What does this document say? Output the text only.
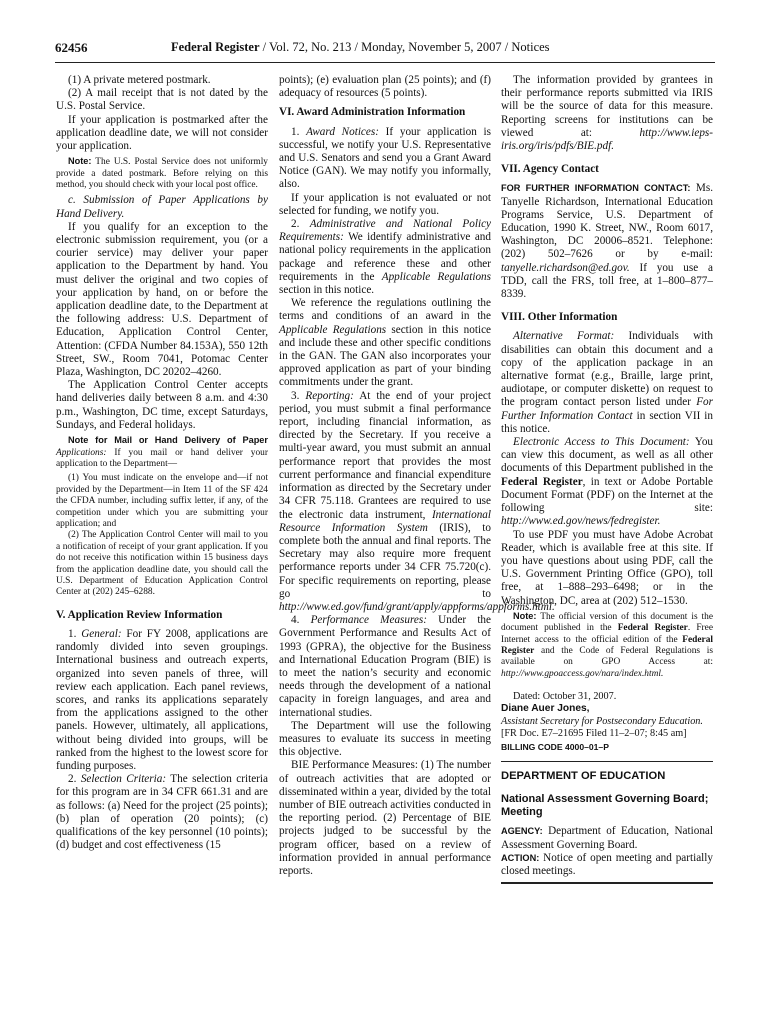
62456	Federal Register / Vol. 72, No. 213 / Monday, November 5, 2007 / Notices

(1) A private metered postmark.

(2) A mail receipt that is not dated by the U.S. Postal Service.

If your application is postmarked after the application deadline date, we will not consider your application.

Note: The U.S. Postal Service does not uniformly provide a dated postmark. Before relying on this method, you should check with your local post office.

c. Submission of Paper Applications by Hand Delivery.

If you qualify for an exception to the electronic submission requirement, you (or a courier service) may deliver your paper application to the Department by hand. You must deliver the original and two copies of your application by hand, on or before the application deadline date, to the Department at the following address: U.S. Department of Education, Application Control Center, Attention: (CFDA Number 84.153A), 550 12th Street, SW., Room 7041, Potomac Center Plaza, Washington, DC 20202–4260.

The Application Control Center accepts hand deliveries daily between 8 a.m. and 4:30 p.m., Washington, DC time, except Saturdays, Sundays, and Federal holidays.

Note for Mail or Hand Delivery of Paper Applications: If you mail or hand deliver your application to the Department—

(1) You must indicate on the envelope and—if not provided by the Department—in Item 11 of the SF 424 the CFDA number, including suffix letter, if any, of the competition under which you are submitting your application; and

(2) The Application Control Center will mail to you a notification of receipt of your grant application. If you do not receive this notification within 15 business days from the application deadline date, you should call the U.S. Department of Education Application Control Center at (202) 245–6288.

V. Application Review Information

1. General: For FY 2008, applications are randomly divided into seven groupings. International business and outreach experts, organized into seven panels of three, will review each application. Each panel reviews, scores, and ranks its applications separately from the applications assigned to the other panels. However, ultimately, all applications, without being divided into groups, will be ranked from the highest to the lowest score for funding purposes.

2. Selection Criteria: The selection criteria for this program are in 34 CFR 661.31 and are as follows: (a) Need for the project (25 points); (b) plan of operation (20 points); (c) qualifications of the key personnel (10 points); (d) budget and cost effectiveness (15

points); (e) evaluation plan (25 points); and (f) adequacy of resources (5 points).

VI. Award Administration Information

1. Award Notices: If your application is successful, we notify your U.S. Representative and U.S. Senators and send you a Grant Award Notice (GAN). We may notify you informally, also.

If your application is not evaluated or not selected for funding, we notify you.

2. Administrative and National Policy Requirements: We identify administrative and national policy requirements in the application package and reference these and other requirements in the Applicable Regulations section in this notice.

We reference the regulations outlining the terms and conditions of an award in the Applicable Regulations section in this notice and include these and other specific conditions in the GAN. The GAN also incorporates your approved application as part of your binding commitments under the grant.

3. Reporting: At the end of your project period, you must submit a final performance report, including financial information, as directed by the Secretary. If you receive a multi-year award, you must submit an annual performance report that provides the most current performance and financial expenditure information as directed by the Secretary under 34 CFR 75.118. Grantees are required to use the electronic data instrument, International Resource Information System (IRIS), to complete both the annual and final reports. The Secretary may also require more frequent performance reports under 34 CFR 75.720(c). For specific requirements on reporting, please go to http://www.ed.gov/fund/grant/apply/appforms/appforms.html.

4. Performance Measures: Under the Government Performance and Results Act of 1993 (GPRA), the objective for the Business and International Education Program (BIE) is to meet the nation’s security and economic needs through the development of a national capacity in foreign languages, and area and international studies.

The Department will use the following measures to evaluate its success in meeting this objective.

BIE Performance Measures: (1) The number of outreach activities that are adopted or disseminated within a year, divided by the total number of BIE outreach activities conducted in the reporting period. (2) Percentage of BIE projects judged to be successful by the program officer, based on a review of information provided in annual performance reports.

The information provided by grantees in their performance reports submitted via IRIS will be the source of data for this measure. Reporting screens for institutions can be viewed at: http://www.ieps-iris.org/iris/pdfs/BIE.pdf.

VII. Agency Contact

FOR FURTHER INFORMATION CONTACT: Ms. Tanyelle Richardson, International Education Programs Service, U.S. Department of Education, 1990 K. Street, NW., Room 6017, Washington, DC 20006–8521. Telephone: (202) 502–7626 or by e-mail: tanyelle.richardson@ed.gov. If you use a TDD, call the FRS, toll free, at 1–800–877–8339.

VIII. Other Information

Alternative Format: Individuals with disabilities can obtain this document and a copy of the application package in an alternative format (e.g., Braille, large print, audiotape, or computer diskette) on request to the program contact person listed under For Further Information Contact in section VII in this notice.

Electronic Access to This Document: You can view this document, as well as all other documents of this Department published in the Federal Register, in text or Adobe Portable Document Format (PDF) on the Internet at the following site: http://www.ed.gov/news/fedregister.

To use PDF you must have Adobe Acrobat Reader, which is available free at this site. If you have questions about using PDF, call the U.S. Government Printing Office (GPO), toll free, at 1–888–293–6498; or in the Washington, DC, area at (202) 512–1530.

Note: The official version of this document is the document published in the Federal Register. Free Internet access to the official edition of the Federal Register and the Code of Federal Regulations is available on GPO Access at: http://www.gpoaccess.gov/nara/index.html.

Dated: October 31, 2007.

Diane Auer Jones,

Assistant Secretary for Postsecondary Education.

[FR Doc. E7–21695 Filed 11–2–07; 8:45 am]

BILLING CODE 4000–01–P

DEPARTMENT OF EDUCATION
National Assessment Governing Board; Meeting

AGENCY: Department of Education, National Assessment Governing Board.

ACTION: Notice of open meeting and partially closed meetings.
